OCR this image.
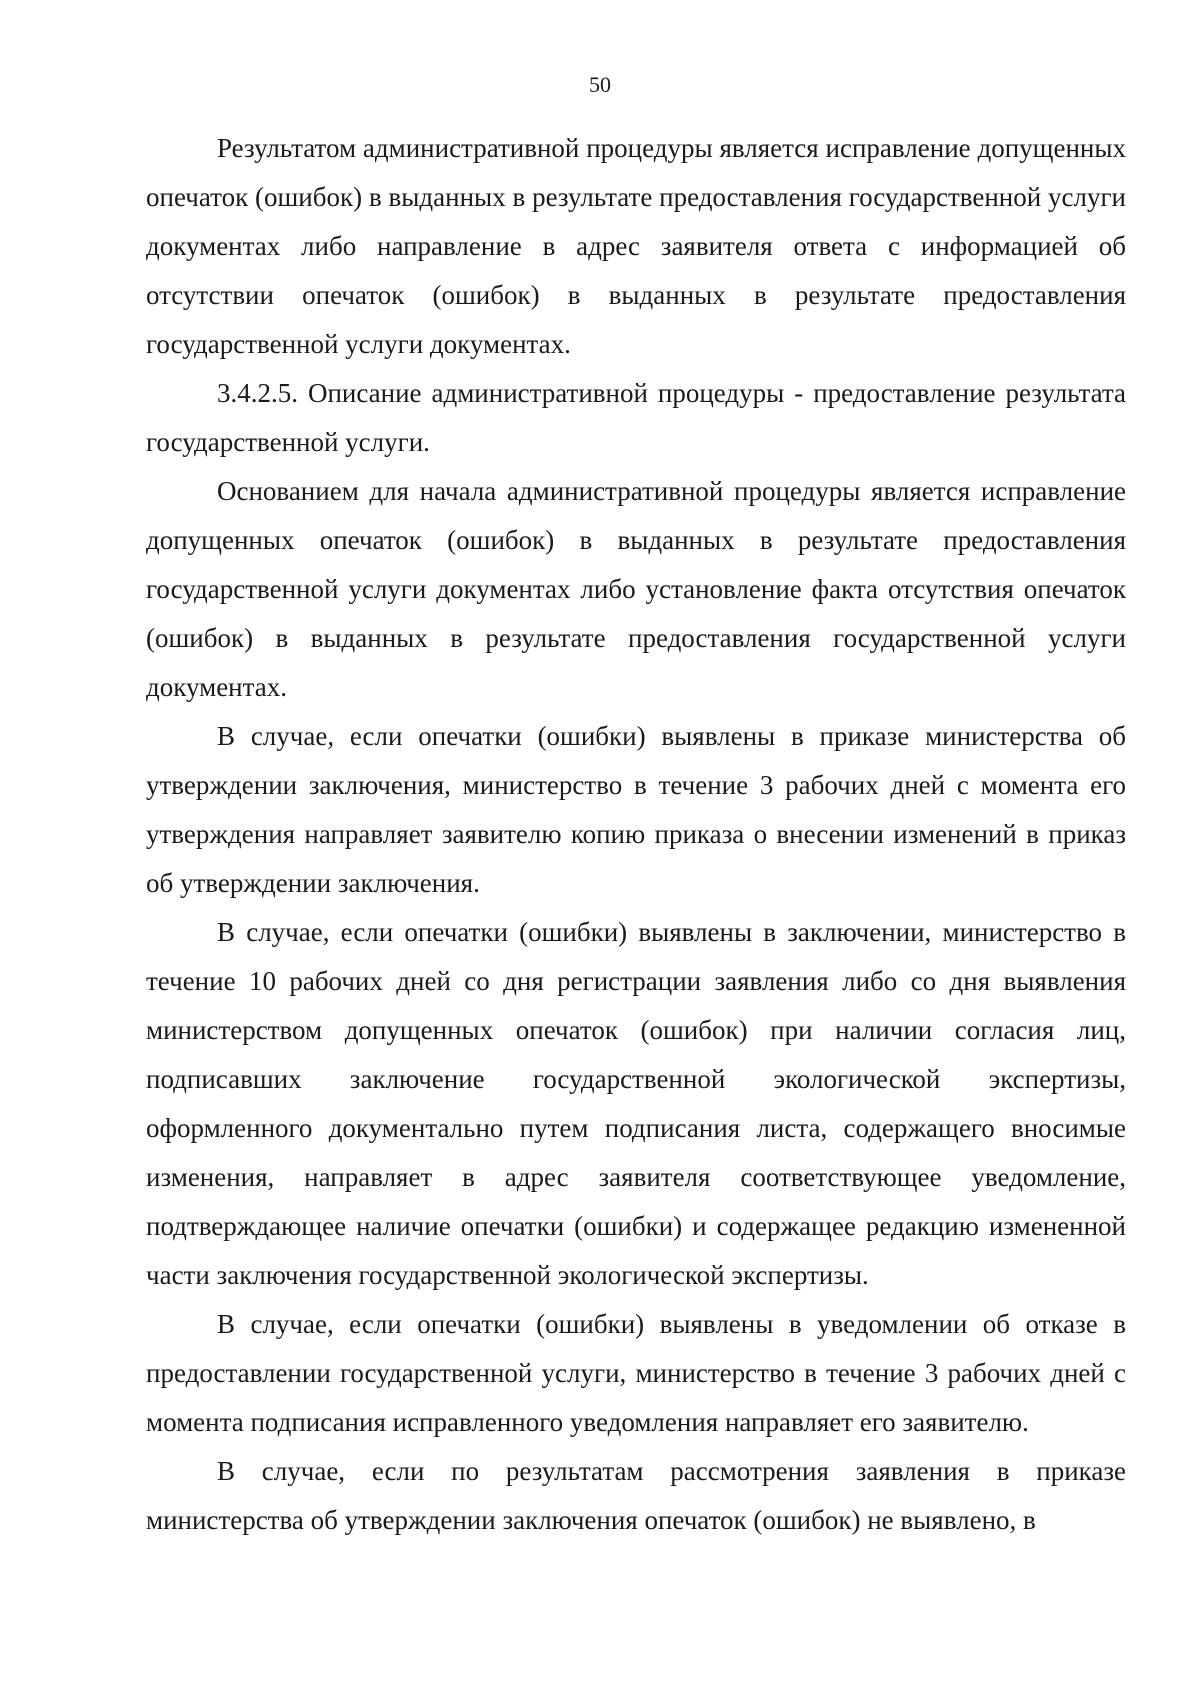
50

Результатом административной процедуры является исправление допущенных опечаток (ошибок) в выданных в результате предоставления государственной услуги документах либо направление в адрес заявителя ответа с информацией об отсутствии опечаток (ошибок) в выданных в результате предоставления государственной услуги документах.

3.4.2.5. Описание административной процедуры - предоставление результата государственной услуги.

Основанием для начала административной процедуры является исправление допущенных опечаток (ошибок) в выданных в результате предоставления государственной услуги документах либо установление факта отсутствия опечаток (ошибок) в выданных в результате предоставления государственной услуги документах.

В случае, если опечатки (ошибки) выявлены в приказе министерства об утверждении заключения, министерство в течение 3 рабочих дней с момента его утверждения направляет заявителю копию приказа о внесении изменений в приказ об утверждении заключения.

В случае, если опечатки (ошибки) выявлены в заключении, министерство в течение 10 рабочих дней со дня регистрации заявления либо со дня выявления министерством допущенных опечаток (ошибок) при наличии согласия лиц, подписавших заключение государственной экологической экспертизы, оформленного документально путем подписания листа, содержащего вносимые изменения, направляет в адрес заявителя соответствующее уведомление, подтверждающее наличие опечатки (ошибки) и содержащее редакцию измененной части заключения государственной экологической экспертизы.

В случае, если опечатки (ошибки) выявлены в уведомлении об отказе в предоставлении государственной услуги, министерство в течение 3 рабочих дней с момента подписания исправленного уведомления направляет его заявителю.

В случае, если по результатам рассмотрения заявления в приказе министерства об утверждении заключения опечаток (ошибок) не выявлено, в
